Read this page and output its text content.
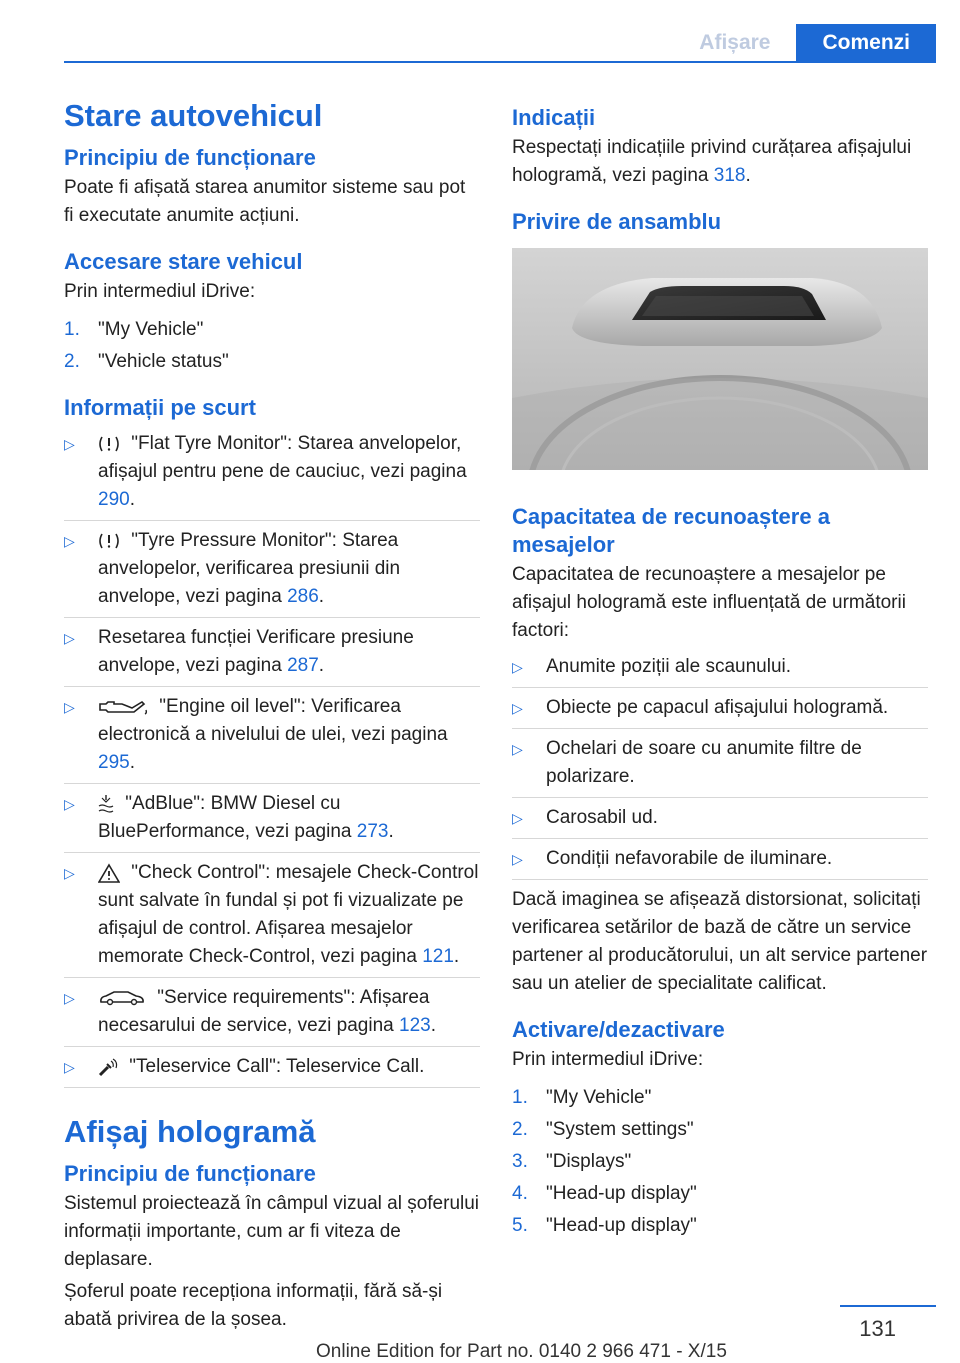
Afișare	Comenzi
Stare autovehicul
Principiu de funcționare

Poate fi afișată starea anumitor sisteme sau pot fi executate anumite acțiuni.

Accesare stare vehicul

Prin intermediul iDrive:

1. "My Vehicle"
2. "Vehicle status"
Informații pe scurt
▷	"Flat Tyre Monitor": Starea anvelopelor, afișajul pentru pene de cauciuc, vezi pagina 290.
▷	"Tyre Pressure Monitor": Starea anvelopelor, verificarea presiunii din anvelope, vezi pagina 286.
▷	Resetarea funcției Verificare presiune anvelope, vezi pagina 287.
▷	"Engine oil level": Verificarea electronică a nivelului de ulei, vezi pagina 295.
▷	"AdBlue": BMW Diesel cu BluePerformance, vezi pagina 273.
▷	"Check Control": mesajele Check-Control sunt salvate în fundal și pot fi vizualizate pe afișajul de control. Afișarea mesajelor memorate Check-Control, vezi pagina 121.
▷	"Service requirements": Afișarea necesarului de service, vezi pagina 123.
▷	"Teleservice Call": Teleservice Call.
Afișaj hologramă
Principiu de funcționare

Sistemul proiectează în câmpul vizual al șoferului informații importante, cum ar fi viteza de deplasare.

Șoferul poate recepționa informații, fără să-și abată privirea de la șosea.

Indicații

Respectați indicațiile privind curățarea afișajului hologramă, vezi pagina 318.

Privire de ansamblu
Capacitatea de recunoaștere a mesajelor

Capacitatea de recunoaștere a mesajelor pe afișajul hologramă este influențată de următorii factori:

▷	Anumite poziții ale scaunului.
▷	Obiecte pe capacul afișajului hologramă.
▷	Ochelari de soare cu anumite filtre de polarizare.
▷	Carosabil ud.
▷	Condiții nefavorabile de iluminare.

Dacă imaginea se afișează distorsionat, solicitați verificarea setărilor de bază de către un service partener al producătorului, un alt service partener sau un atelier de specialitate calificat.

Activare/dezactivare

Prin intermediul iDrive:

1. "My Vehicle"
2. "System settings"
3. "Displays"
4. "Head-up display"
5. "Head-up display"
131
Online Edition for Part no. 0140 2 966 471 - X/15
